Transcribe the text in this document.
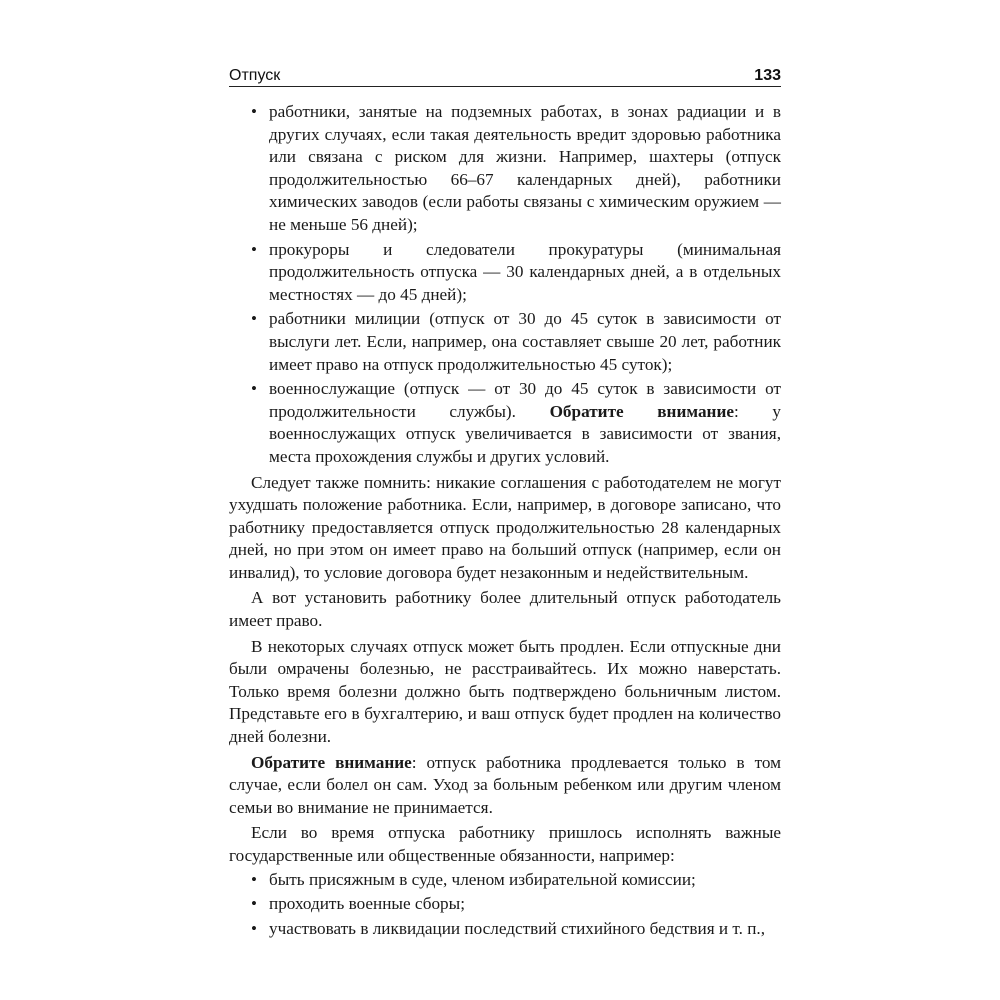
Отпуск	133
• работники, занятые на подземных работах, в зонах радиации и в других случаях, если такая деятельность вредит здоровью работника или связана с риском для жизни. Например, шахтеры (отпуск продолжительностью 66–67 календарных дней), работники химических заводов (если работы связаны с химическим оружием — не меньше 56 дней);
• прокуроры и следователи прокуратуры (минимальная продолжительность отпуска — 30 календарных дней, а в отдельных местностях — до 45 дней);
• работники милиции (отпуск от 30 до 45 суток в зависимости от выслуги лет. Если, например, она составляет свыше 20 лет, работник имеет право на отпуск продолжительностью 45 суток);
• военнослужащие (отпуск — от 30 до 45 суток в зависимости от продолжительности службы). Обратите внимание: у военнослужащих отпуск увеличивается в зависимости от звания, места прохождения службы и других условий.

Следует также помнить: никакие соглашения с работодателем не могут ухудшать положение работника. Если, например, в договоре записано, что работнику предоставляется отпуск продолжительностью 28 календарных дней, но при этом он имеет право на больший отпуск (например, если он инвалид), то условие договора будет незаконным и недействительным.

А вот установить работнику более длительный отпуск работодатель имеет право.

В некоторых случаях отпуск может быть продлен. Если отпускные дни были омрачены болезнью, не расстраивайтесь. Их можно наверстать. Только время болезни должно быть подтверждено больничным листом. Представьте его в бухгалтерию, и ваш отпуск будет продлен на количество дней болезни.

Обратите внимание: отпуск работника продлевается только в том случае, если болел он сам. Уход за больным ребенком или другим членом семьи во внимание не принимается.

Если во время отпуска работнику пришлось исполнять важные государственные или общественные обязанности, например:

• быть присяжным в суде, членом избирательной комиссии;
• проходить военные сборы;
• участвовать в ликвидации последствий стихийного бедствия и т. п.,
